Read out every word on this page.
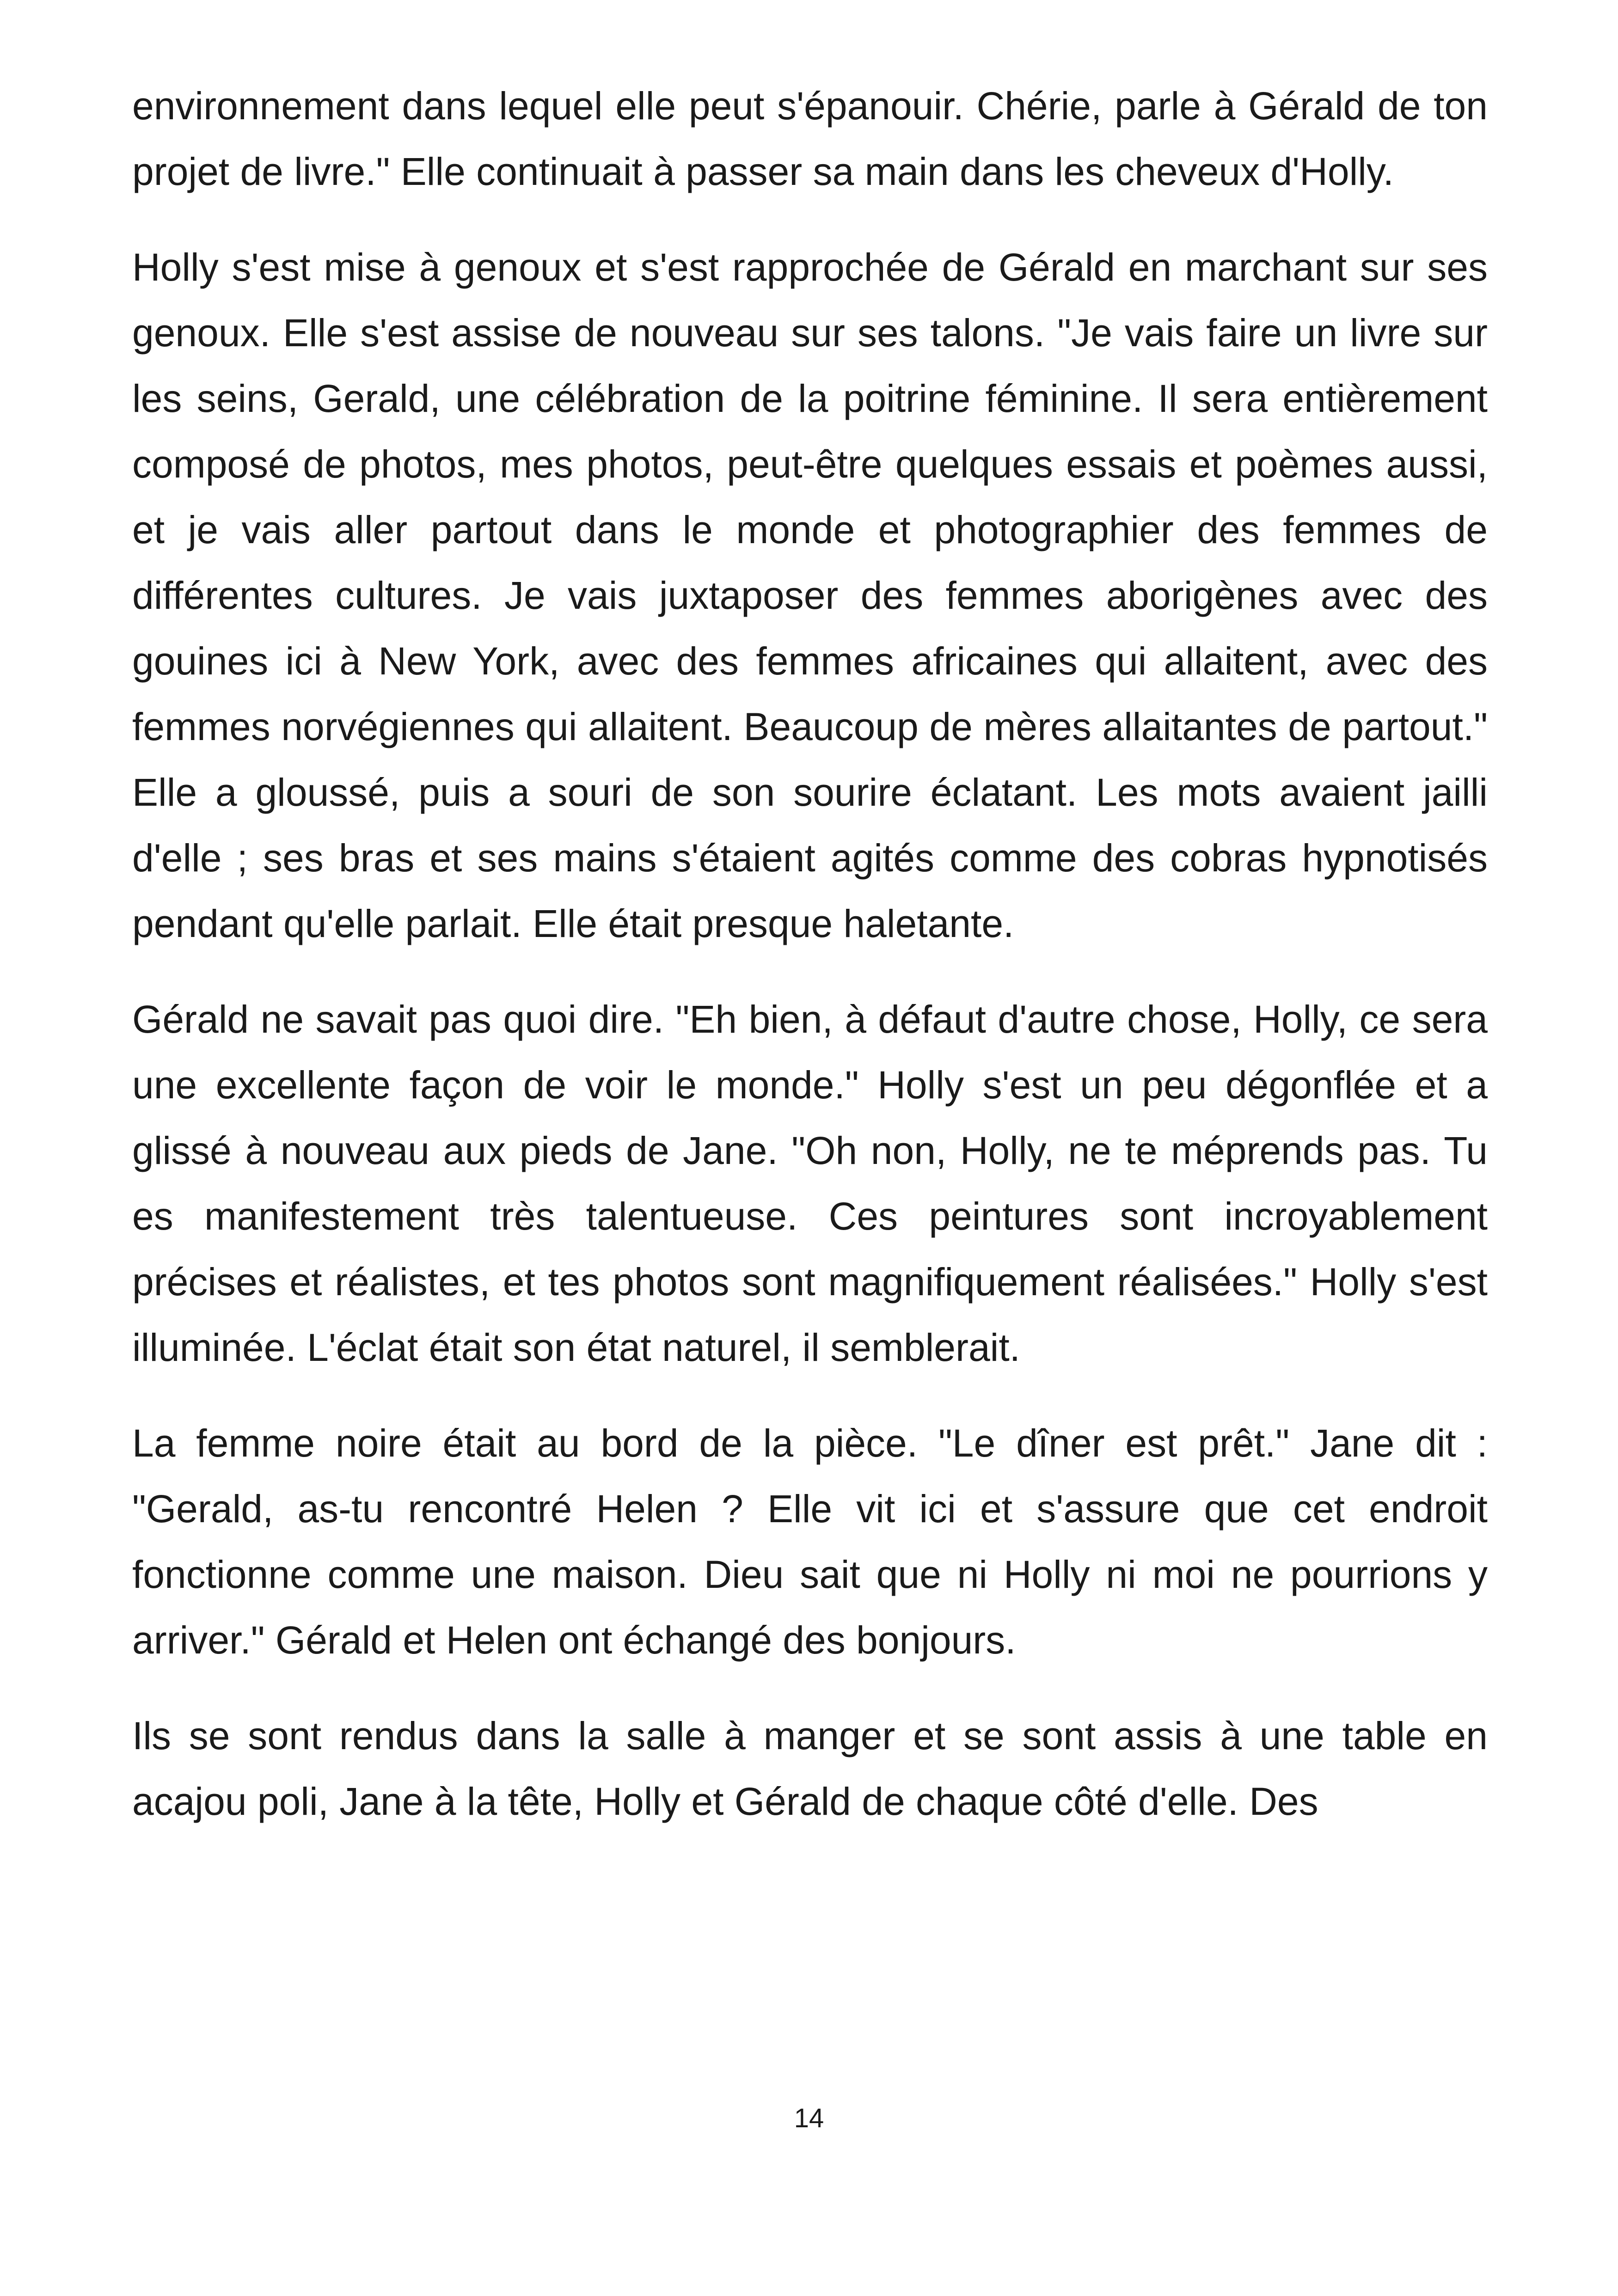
environnement dans lequel elle peut s'épanouir. Chérie, parle à Gérald de ton projet de livre." Elle continuait à passer sa main dans les cheveux d'Holly.

Holly s'est mise à genoux et s'est rapprochée de Gérald en marchant sur ses genoux. Elle s'est assise de nouveau sur ses talons. "Je vais faire un livre sur les seins, Gerald, une célébration de la poitrine féminine. Il sera entièrement composé de photos, mes photos, peut-être quelques essais et poèmes aussi, et je vais aller partout dans le monde et photographier des femmes de différentes cultures. Je vais juxtaposer des femmes aborigènes avec des gouines ici à New York, avec des femmes africaines qui allaitent, avec des femmes norvégiennes qui allaitent. Beaucoup de mères allaitantes de partout." Elle a gloussé, puis a souri de son sourire éclatant. Les mots avaient jailli d'elle ; ses bras et ses mains s'étaient agités comme des cobras hypnotisés pendant qu'elle parlait. Elle était presque haletante.

Gérald ne savait pas quoi dire. "Eh bien, à défaut d'autre chose, Holly, ce sera une excellente façon de voir le monde." Holly s'est un peu dégonflée et a glissé à nouveau aux pieds de Jane. "Oh non, Holly, ne te méprends pas. Tu es manifestement très talentueuse. Ces peintures sont incroyablement précises et réalistes, et tes photos sont magnifiquement réalisées." Holly s'est illuminée. L'éclat était son état naturel, il semblerait.

La femme noire était au bord de la pièce. "Le dîner est prêt." Jane dit : "Gerald, as-tu rencontré Helen ? Elle vit ici et s'assure que cet endroit fonctionne comme une maison. Dieu sait que ni Holly ni moi ne pourrions y arriver." Gérald et Helen ont échangé des bonjours.

Ils se sont rendus dans la salle à manger et se sont assis à une table en acajou poli, Jane à la tête, Holly et Gérald de chaque côté d'elle. Des

14
